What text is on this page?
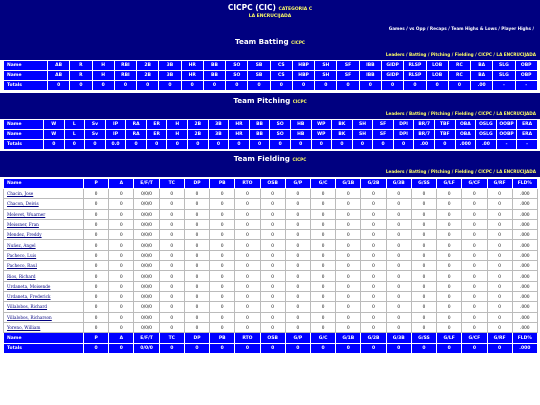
CICPC (CIC) CATEGORIA C
LA ENCRUCIJADA
Games / vs Opp / Recaps / Team Highs & Lows / Player Highs /
Team Batting CICPC
Leaders / Batting / Pitching / Fielding / CICPC / LA ENCRUCIJADA
Name	AB	R	H	RBI	2B	3B	HR	BB	SO	SB	CS	HBP	SH	SF	IBB	GIDP	RLSP	LOB	RC	BA	SLG	OBP
Name	AB	R	H	RBI	2B	3B	HR	BB	SO	SB	CS	HBP	SH	SF	IBB	GIDP	RLSP	LOB	RC	BA	SLG	OBP
Totals	0	0	0	0	0	0	0	0	0	0	0	0	0	0	0	0	0	0	0	.00	-	-
Team Pitching CICPC
Leaders / Batting / Pitching / Fielding / CICPC / LA ENCRUCIJADA
Name	W	L	Sv	IP	RA	ER	H	2B	3B	HR	BB	SO	HB	WP	BK	SH	SF	DPI	BR/7	TBF	OBA	OSLG	OOBP	ERA
Name	W	L	Sv	IP	RA	ER	H	2B	3B	HR	BB	SO	HB	WP	BK	SH	SF	DPI	BR/7	TBF	OBA	OSLG	OOBP	ERA
Totals	0	0	0	0.0	0	0	0	0	0	0	0	0	0	0	0	0	0	0	.00	0	.000	.00	-	-
Team Fielding CICPC
Leaders / Batting / Pitching / Fielding / CICPC / LA ENCRUCIJADA
Name	P	A	E/F/T	TC	DP	PB	RTO	OSB	G/P	G/C	G/1B	G/2B	G/3B	G/SS	G/LF	G/CF	G/RF	FLD%
Chacin, Jose	0	0	0/0/0	0	0	0	0	0	0	0	0	0	0	0	0	0	0	.000
Chacon, Deivis	0	0	0/0/0	0	0	0	0	0	0	0	0	0	0	0	0	0	0	.000
Melevet, Wuarner	0	0	0/0/0	0	0	0	0	0	0	0	0	0	0	0	0	0	0	.000
Meissner, Fran	0	0	0/0/0	0	0	0	0	0	0	0	0	0	0	0	0	0	0	.000
Mendez, Freddy	0	0	0/0/0	0	0	0	0	0	0	0	0	0	0	0	0	0	0	.000
Nuñez, Angel	0	0	0/0/0	0	0	0	0	0	0	0	0	0	0	0	0	0	0	.000
Pacheco, Luis	0	0	0/0/0	0	0	0	0	0	0	0	0	0	0	0	0	0	0	.000
Pacheco, Raul	0	0	0/0/0	0	0	0	0	0	0	0	0	0	0	0	0	0	0	.000
Rios, Richard	0	0	0/0/0	0	0	0	0	0	0	0	0	0	0	0	0	0	0	.000
Urdaneta, Moisende	0	0	0/0/0	0	0	0	0	0	0	0	0	0	0	0	0	0	0	.000
Urdaneta, Frederick	0	0	0/0/0	0	0	0	0	0	0	0	0	0	0	0	0	0	0	.000
Villalobos, Richard	0	0	0/0/0	0	0	0	0	0	0	0	0	0	0	0	0	0	0	.000
Villalobos, Richarson	0	0	0/0/0	0	0	0	0	0	0	0	0	0	0	0	0	0	0	.000
Yoreno, William	0	0	0/0/0	0	0	0	0	0	0	0	0	0	0	0	0	0	0	.000
Name	P	A	E/F/T	TC	DP	PB	RTO	OSB	G/P	G/C	G/1B	G/2B	G/3B	G/SS	G/LF	G/CF	G/RF	FLD%
Totals	0	0	0/0/0	0	0	0	0	0	0	0	0	0	0	0	0	0	0	.000
